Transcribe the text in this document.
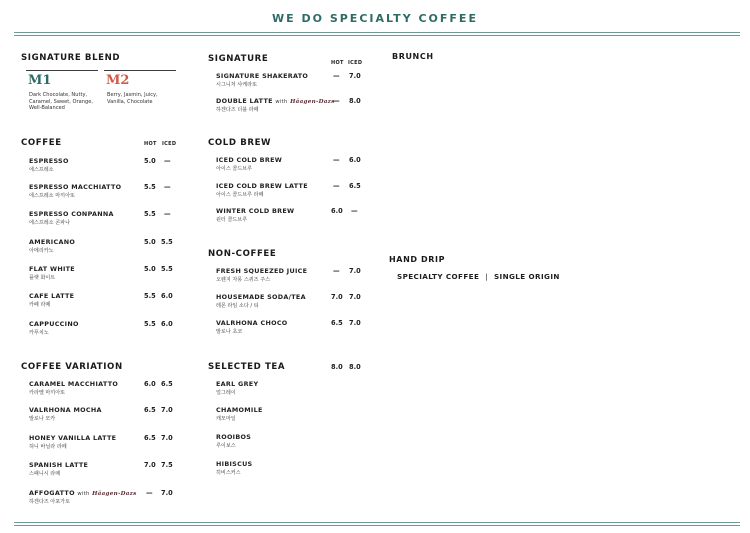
WE DO SPECIALTY COFFEE
SIGNATURE BLEND
M1	M2
Dark Chocolate, Nutty,
Caramel, Sweet, Orange,
Well-Balanced
Berry, Jasmin, Juicy,
Vanilla, Chocolate
COFFEE	HOT ICED
ESPRESSO
에스프레소
5.0 —
ESPRESSO MACCHIATTO
에스프레소 마끼아또
5.5 —
ESPRESSO CONPANNA
에스프레소 콘파나
5.5 —
AMERICANO
아메리카노
5.0 5.5
FLAT WHITE
플랫 화이트
5.0 5.5
CAFE LATTE
카페 라떼
5.5 6.0
CAPPUCCINO
카푸치노
5.5 6.0
COFFEE VARIATION
CARAMEL MACCHIATTO
카라멜 마끼아또
6.0 6.5
VALRHONA MOCHA
발로나 모카
6.5 7.0
HONEY VANILLA LATTE
허니 바닐라 라떼
6.5 7.0
SPANISH LATTE
스패니시 라떼
7.0 7.5
AFFOGATTO with Häagen-Dazs
하겐다즈 아포가토
— 7.0
SIGNATURE	HOT ICED
SIGNATURE SHAKERATO
시그니처 샤케라또
— 7.0
DOUBLE LATTE with Häagen-Dazs
하겐다즈 더블 라떼
— 8.0
COLD BREW
ICED COLD BREW
아이스 콜드브루
— 6.0
ICED COLD BREW LATTE
아이스 콜드브루 라떼
— 6.5
WINTER COLD BREW
윈터 콜드브루
6.0 —
NON-COFFEE
FRESH SQUEEZED JUICE
오렌지 자몽 스퀴즈 주스
— 7.0
HOUSEMADE SODA/TEA
레몬 라임 소다 / 티
7.0 7.0
VALRHONA CHOCO
발로나 초코
6.5 7.0
SELECTED TEA	8.0 8.0
EARL GREY
얼그레이
CHAMOMILE
캐모마일
ROOIBOS
루이보스
HIBISCUS
히비스커스
BRUNCH
HAND DRIP
SPECIALTY COFFEE | SINGLE ORIGIN
